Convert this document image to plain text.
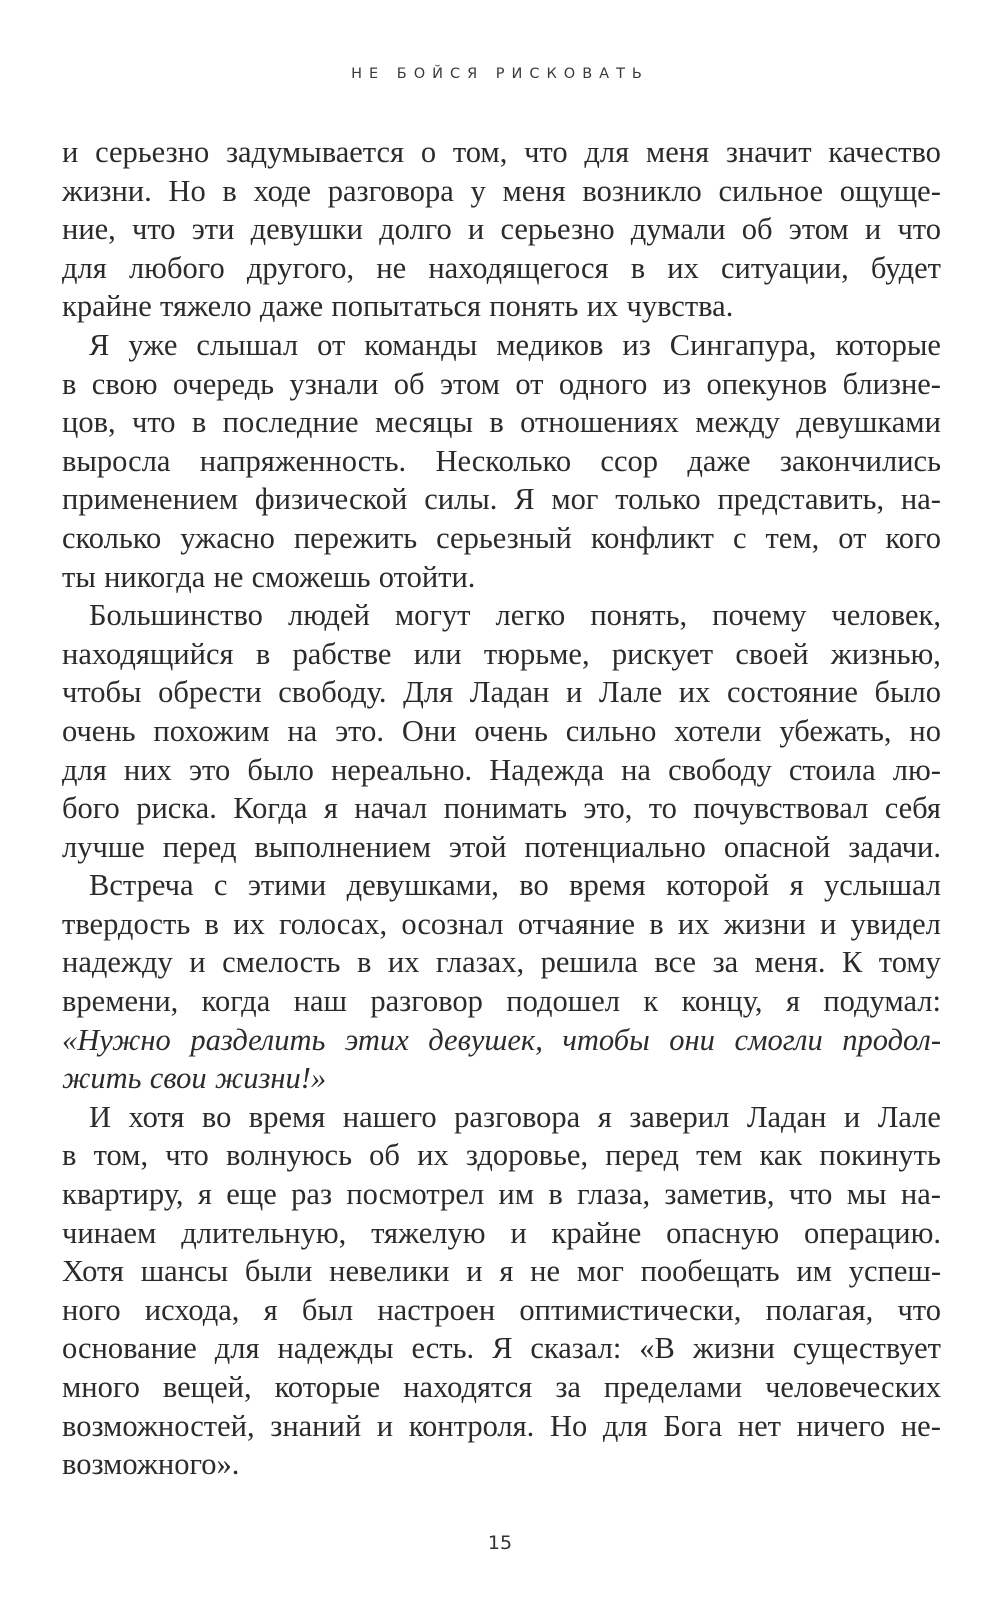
НЕ БОЙСЯ РИСКОВАТЬ
и серьезно задумывается о том, что для меня значит качество
жизни. Но в ходе разговора у меня возникло сильное ощуще-
ние, что эти девушки долго и серьезно думали об этом и что
для любого другого, не находящегося в их ситуации, будет
крайне тяжело даже попытаться понять их чувства.
Я уже слышал от команды медиков из Сингапура, которые
в свою очередь узнали об этом от одного из опекунов близне-
цов, что в последние месяцы в отношениях между девушками
выросла напряженность. Несколько ссор даже закончились
применением физической силы. Я мог только представить, на-
сколько ужасно пережить серьезный конфликт с тем, от кого
ты никогда не сможешь отойти.
Большинство людей могут легко понять, почему человек,
находящийся в рабстве или тюрьме, рискует своей жизнью,
чтобы обрести свободу. Для Ладан и Лале их состояние было
очень похожим на это. Они очень сильно хотели убежать, но
для них это было нереально. Надежда на свободу стоила лю-
бого риска. Когда я начал понимать это, то почувствовал себя
лучше перед выполнением этой потенциально опасной задачи.
Встреча с этими девушками, во время которой я услышал
твердость в их голосах, осознал отчаяние в их жизни и увидел
надежду и смелость в их глазах, решила все за меня. К тому
времени, когда наш разговор подошел к концу, я подумал:
«Нужно разделить этих девушек, чтобы они смогли продол-
жить свои жизни!»
И хотя во время нашего разговора я заверил Ладан и Лале
в том, что волнуюсь об их здоровье, перед тем как покинуть
квартиру, я еще раз посмотрел им в глаза, заметив, что мы на-
чинаем длительную, тяжелую и крайне опасную операцию.
Хотя шансы были невелики и я не мог пообещать им успеш-
ного исхода, я был настроен оптимистически, полагая, что
основание для надежды есть. Я сказал: «В жизни существует
много вещей, которые находятся за пределами человеческих
возможностей, знаний и контроля. Но для Бога нет ничего не-
возможного».
15
